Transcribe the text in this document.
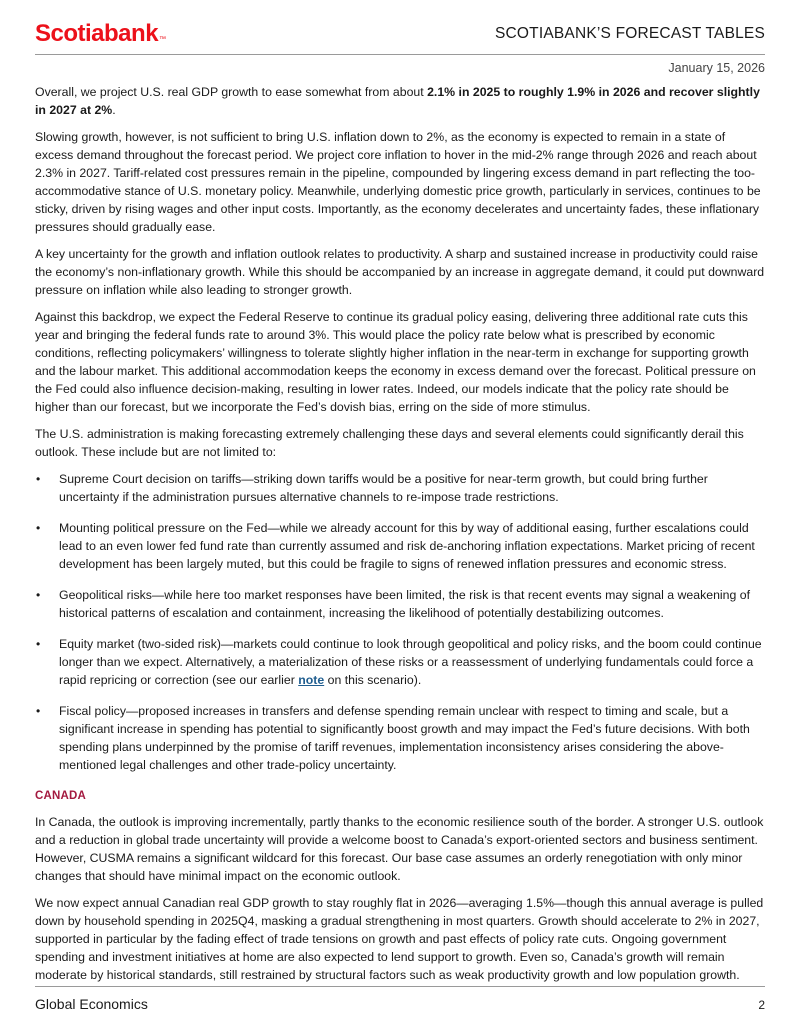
Scotiabank™	SCOTIABANK’S FORECAST TABLES
January 15, 2026

Overall, we project U.S. real GDP growth to ease somewhat from about 2.1% in 2025 to roughly 1.9% in 2026 and recover slightly in 2027 at 2%.

Slowing growth, however, is not sufficient to bring U.S. inflation down to 2%, as the economy is expected to remain in a state of excess demand throughout the forecast period. We project core inflation to hover in the mid-2% range through 2026 and reach about 2.3% in 2027. Tariff-related cost pressures remain in the pipeline, compounded by lingering excess demand in part reflecting the too-accommodative stance of U.S. monetary policy. Meanwhile, underlying domestic price growth, particularly in services, continues to be sticky, driven by rising wages and other input costs. Importantly, as the economy decelerates and uncertainty fades, these inflationary pressures should gradually ease.

A key uncertainty for the growth and inflation outlook relates to productivity. A sharp and sustained increase in productivity could raise the economy’s non-inflationary growth. While this should be accompanied by an increase in aggregate demand, it could put downward pressure on inflation while also leading to stronger growth.

Against this backdrop, we expect the Federal Reserve to continue its gradual policy easing, delivering three additional rate cuts this year and bringing the federal funds rate to around 3%. This would place the policy rate below what is prescribed by economic conditions, reflecting policymakers’ willingness to tolerate slightly higher inflation in the near-term in exchange for supporting growth and the labour market. This additional accommodation keeps the economy in excess demand over the forecast. Political pressure on the Fed could also influence decision-making, resulting in lower rates. Indeed, our models indicate that the policy rate should be higher than our forecast, but we incorporate the Fed’s dovish bias, erring on the side of more stimulus.

The U.S. administration is making forecasting extremely challenging these days and several elements could significantly derail this outlook. These include but are not limited to:

• Supreme Court decision on tariffs—striking down tariffs would be a positive for near-term growth, but could bring further uncertainty if the administration pursues alternative channels to re-impose trade restrictions.
• Mounting political pressure on the Fed—while we already account for this by way of additional easing, further escalations could lead to an even lower fed fund rate than currently assumed and risk de-anchoring inflation expectations. Market pricing of recent development has been largely muted, but this could be fragile to signs of renewed inflation pressures and economic stress.
• Geopolitical risks—while here too market responses have been limited, the risk is that recent events may signal a weakening of historical patterns of escalation and containment, increasing the likelihood of potentially destabilizing outcomes.
• Equity market (two-sided risk)—markets could continue to look through geopolitical and policy risks, and the boom could continue longer than we expect. Alternatively, a materialization of these risks or a reassessment of underlying fundamentals could force a rapid repricing or correction (see our earlier note on this scenario).
• Fiscal policy—proposed increases in transfers and defense spending remain unclear with respect to timing and scale, but a significant increase in spending has potential to significantly boost growth and may impact the Fed’s future decisions. With both spending plans underpinned by the promise of tariff revenues, implementation inconsistency arises considering the above-mentioned legal challenges and other trade-policy uncertainty.
CANADA

In Canada, the outlook is improving incrementally, partly thanks to the economic resilience south of the border. A stronger U.S. outlook and a reduction in global trade uncertainty will provide a welcome boost to Canada’s export-oriented sectors and business sentiment. However, CUSMA remains a significant wildcard for this forecast. Our base case assumes an orderly renegotiation with only minor changes that should have minimal impact on the economic outlook.

We now expect annual Canadian real GDP growth to stay roughly flat in 2026—averaging 1.5%—though this annual average is pulled down by household spending in 2025Q4, masking a gradual strengthening in most quarters. Growth should accelerate to 2% in 2027, supported in particular by the fading effect of trade tensions on growth and past effects of policy rate cuts. Ongoing government spending and investment initiatives at home are also expected to lend support to growth. Even so, Canada’s growth will remain moderate by historical standards, still restrained by structural factors such as weak productivity growth and low population growth.

Global Economics	2
